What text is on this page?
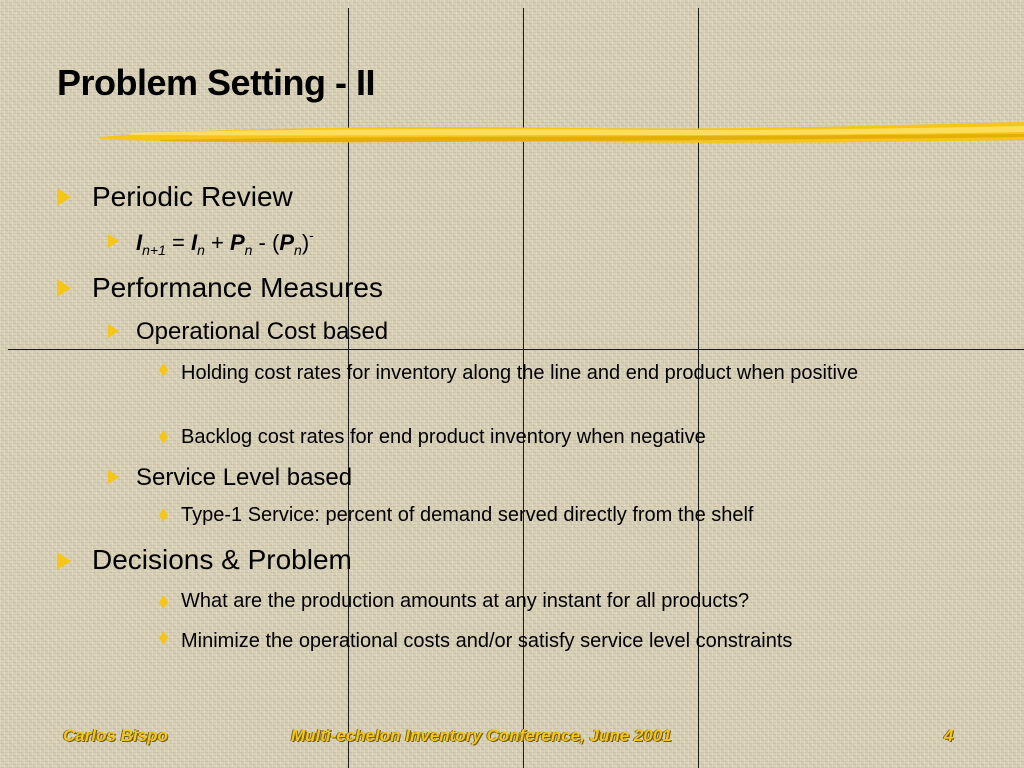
Problem Setting - II
Periodic Review
$I_{n+1} = I_n + P_n - (P_n)^-$
Performance Measures
Operational Cost based
Holding cost rates for inventory along the line and end product when positive
Backlog cost rates for end product inventory when negative
Service Level based
Type-1 Service: percent of demand served directly from the shelf
Decisions & Problem
What are the production amounts at any instant for all products?
Minimize the operational costs and/or satisfy service level constraints
Carlos Bispo	Multi-echelon Inventory Conference, June 2001	4
